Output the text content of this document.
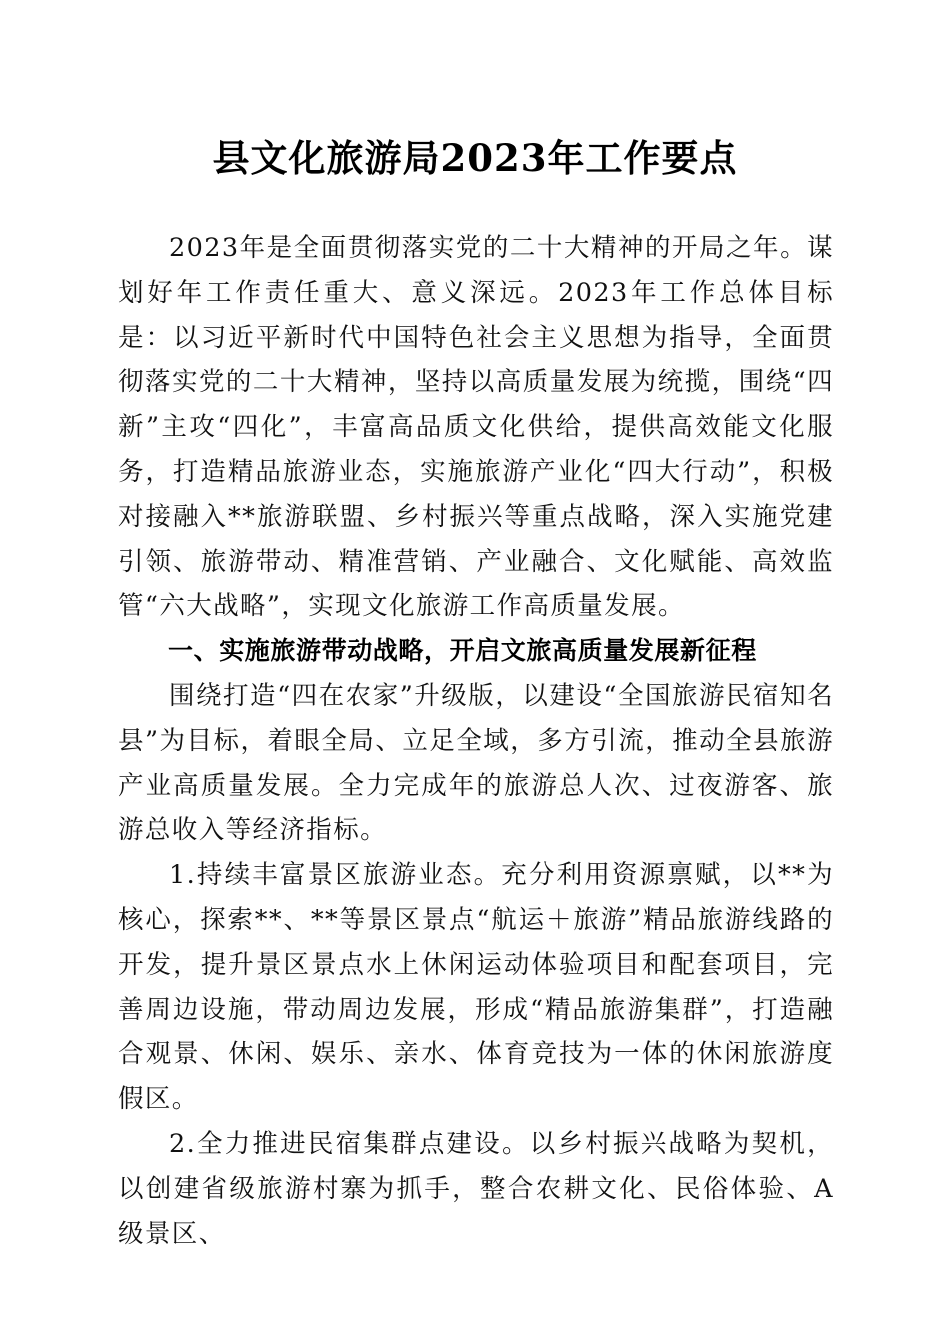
县文化旅游局2023年工作要点

2023年是全面贯彻落实党的二十大精神的开局之年。谋划好年工作责任重大、意义深远。2023年工作总体目标是：以习近平新时代中国特色社会主义思想为指导，全面贯彻落实党的二十大精神，坚持以高质量发展为统揽，围绕“四新”主攻“四化”，丰富高品质文化供给，提供高效能文化服务，打造精品旅游业态，实施旅游产业化“四大行动”，积极对接融入**旅游联盟、乡村振兴等重点战略，深入实施党建引领、旅游带动、精准营销、产业融合、文化赋能、高效监管“六大战略”，实现文化旅游工作高质量发展。

一、实施旅游带动战略，开启文旅高质量发展新征程

围绕打造“四在农家”升级版，以建设“全国旅游民宿知名县”为目标，着眼全局、立足全域，多方引流，推动全县旅游产业高质量发展。全力完成年的旅游总人次、过夜游客、旅游总收入等经济指标。

1.持续丰富景区旅游业态。充分利用资源禀赋，以**为核心，探索**、**等景区景点“航运＋旅游”精品旅游线路的开发，提升景区景点水上休闲运动体验项目和配套项目，完善周边设施，带动周边发展，形成“精品旅游集群”，打造融合观景、休闲、娱乐、亲水、体育竞技为一体的休闲旅游度假区。

2.全力推进民宿集群点建设。以乡村振兴战略为契机，以创建省级旅游村寨为抓手，整合农耕文化、民俗体验、A级景区、
